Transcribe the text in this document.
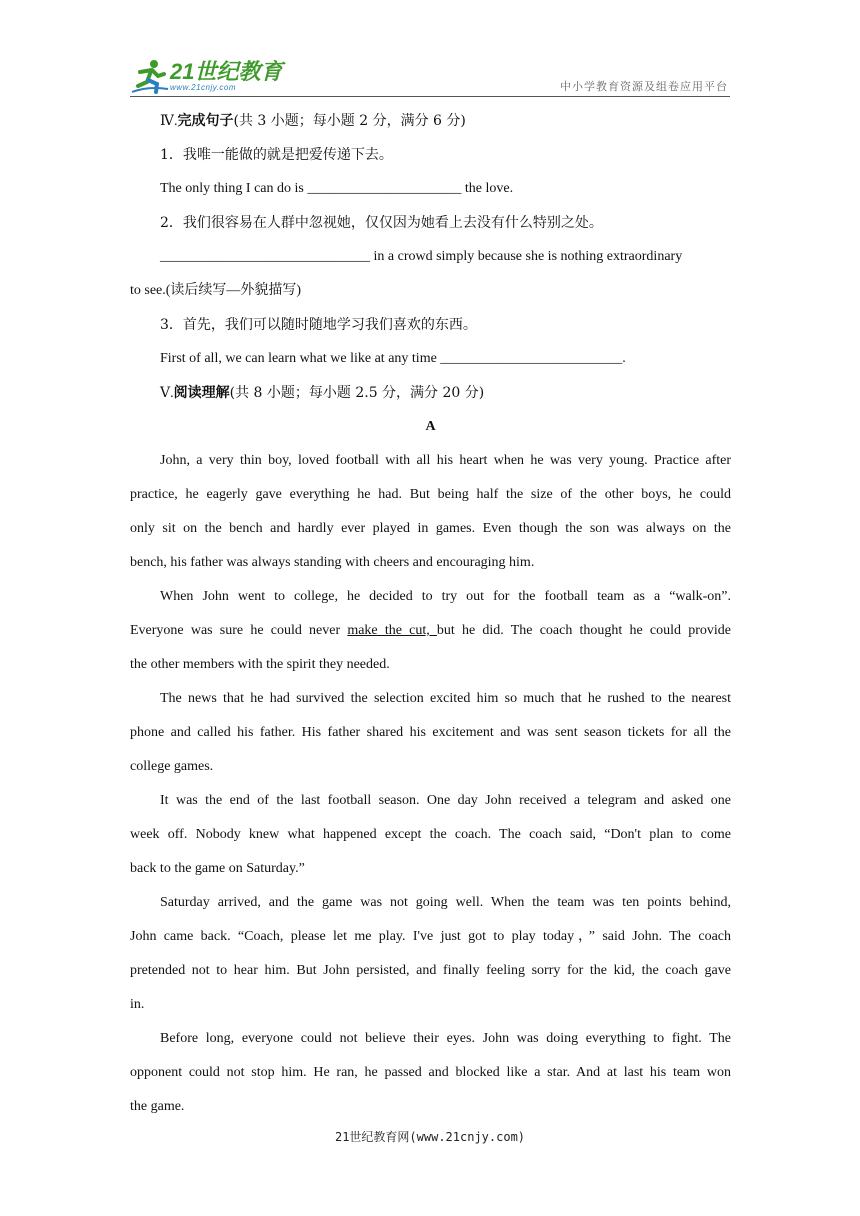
21世纪教育
www.21cnjy.com	中小学教育资源及组卷应用平台
Ⅳ.完成句子(共 3 小题；每小题 2 分，满分 6 分)
1．我唯一能做的就是把爱传递下去。
The only thing I can do is ______________________ the love.
2．我们很容易在人群中忽视她，仅仅因为她看上去没有什么特别之处。
______________________________ in a crowd simply because she is nothing extraordinary
to see.(读后续写—外貌描写)
3．首先，我们可以随时随地学习我们喜欢的东西。
First of all, we can learn what we like at any time __________________________.
Ⅴ.阅读理解(共 8 小题；每小题 2.5 分，满分 20 分)
A
John, a very thin boy, loved football with all his heart when he was very young. Practice after
practice, he eagerly gave everything he had. But being half the size of the other boys, he could
only sit on the bench and hardly ever played in games. Even though the son was always on the
bench, his father was always standing with cheers and encouraging him.
When John went to college, he decided to try out for the football team as a “walk-on”.
Everyone was sure he could never make the cut, but he did. The coach thought he could provide
the other members with the spirit they needed.
The news that he had survived the selection excited him so much that he rushed to the nearest
phone and called his father. His father shared his excitement and was sent season tickets for all the
college games.
It was the end of the last football season. One day John received a telegram and asked one
week off. Nobody knew what happened except the coach. The coach said, “Don't plan to come
back to the game on Saturday.”
Saturday arrived, and the game was not going well. When the team was ten points behind,
John came back. “Coach, please let me play. I've just got to play today，” said John. The coach
pretended not to hear him. But John persisted, and finally feeling sorry for the kid, the coach gave
in.
Before long, everyone could not believe their eyes. John was doing everything to fight. The
opponent could not stop him. He ran, he passed and blocked like a star. And at last his team won
the game.
21世纪教育网(www.21cnjy.com)
